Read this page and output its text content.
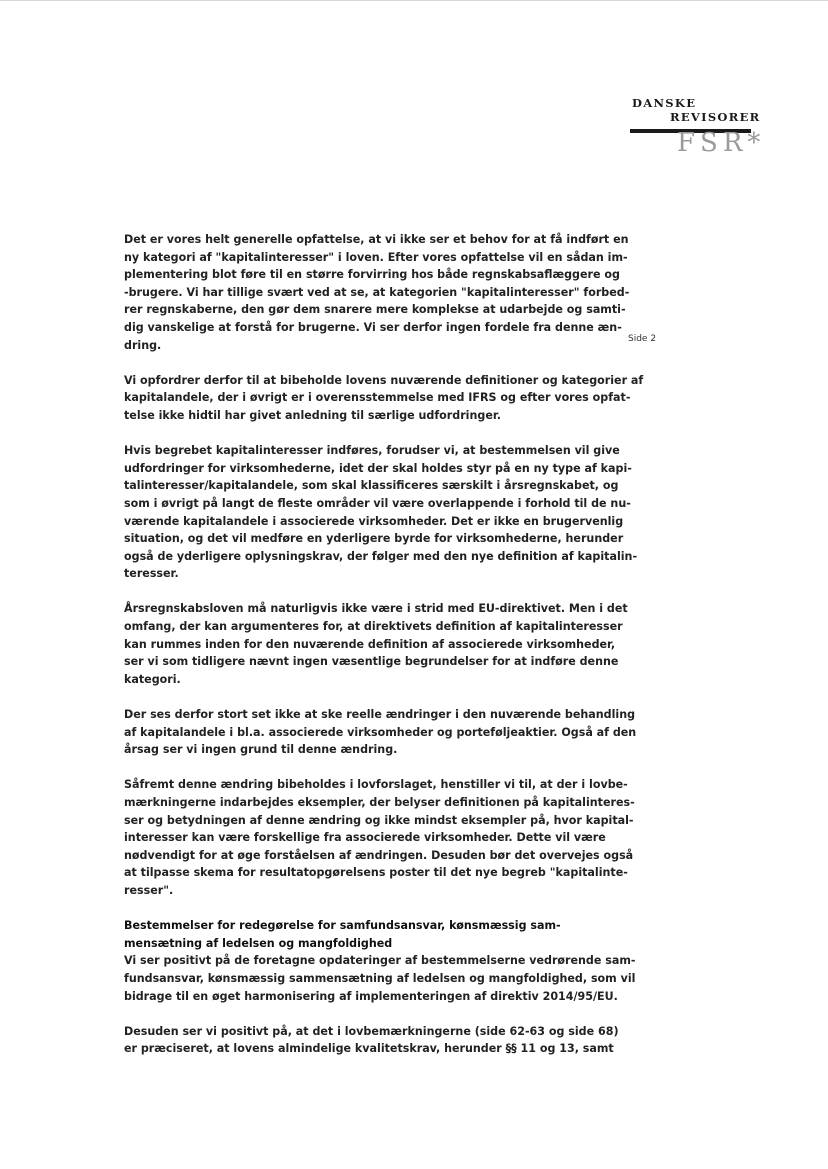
DANSKE
REVISORER
FSR*
Side 2

Det er vores helt generelle opfattelse, at vi ikke ser et behov for at få indført en
ny kategori af "kapitalinteresser" i loven. Efter vores opfattelse vil en sådan im-
plementering blot føre til en større forvirring hos både regnskabsaflæggere og
-brugere. Vi har tillige svært ved at se, at kategorien "kapitalinteresser" forbed-
rer regnskaberne, den gør dem snarere mere komplekse at udarbejde og samti-
dig vanskelige at forstå for brugerne. Vi ser derfor ingen fordele fra denne æn-
dring.

Vi opfordrer derfor til at bibeholde lovens nuværende definitioner og kategorier af
kapitalandele, der i øvrigt er i overensstemmelse med IFRS og efter vores opfat-
telse ikke hidtil har givet anledning til særlige udfordringer.

Hvis begrebet kapitalinteresser indføres, forudser vi, at bestemmelsen vil give
udfordringer for virksomhederne, idet der skal holdes styr på en ny type af kapi-
talinteresser/kapitalandele, som skal klassificeres særskilt i årsregnskabet, og
som i øvrigt på langt de fleste områder vil være overlappende i forhold til de nu-
værende kapitalandele i associerede virksomheder. Det er ikke en brugervenlig
situation, og det vil medføre en yderligere byrde for virksomhederne, herunder
også de yderligere oplysningskrav, der følger med den nye definition af kapitalin-
teresser.

Årsregnskabsloven må naturligvis ikke være i strid med EU-direktivet. Men i det
omfang, der kan argumenteres for, at direktivets definition af kapitalinteresser
kan rummes inden for den nuværende definition af associerede virksomheder,
ser vi som tidligere nævnt ingen væsentlige begrundelser for at indføre denne
kategori.

Der ses derfor stort set ikke at ske reelle ændringer i den nuværende behandling
af kapitalandele i bl.a. associerede virksomheder og porteføljeaktier. Også af den
årsag ser vi ingen grund til denne ændring.

Såfremt denne ændring bibeholdes i lovforslaget, henstiller vi til, at der i lovbe-
mærkningerne indarbejdes eksempler, der belyser definitionen på kapitalinteres-
ser og betydningen af denne ændring og ikke mindst eksempler på, hvor kapital-
interesser kan være forskellige fra associerede virksomheder. Dette vil være
nødvendigt for at øge forståelsen af ændringen. Desuden bør det overvejes også
at tilpasse skema for resultatopgørelsens poster til det nye begreb "kapitalinte-
resser".

Bestemmelser for redegørelse for samfundsansvar, kønsmæssig sam-
mensætning af ledelsen og mangfoldighed
Vi ser positivt på de foretagne opdateringer af bestemmelserne vedrørende sam-
fundsansvar, kønsmæssig sammensætning af ledelsen og mangfoldighed, som vil
bidrage til en øget harmonisering af implementeringen af direktiv 2014/95/EU.

Desuden ser vi positivt på, at det i lovbemærkningerne (side 62-63 og side 68)
er præciseret, at lovens almindelige kvalitetskrav, herunder §§ 11 og 13, samt
